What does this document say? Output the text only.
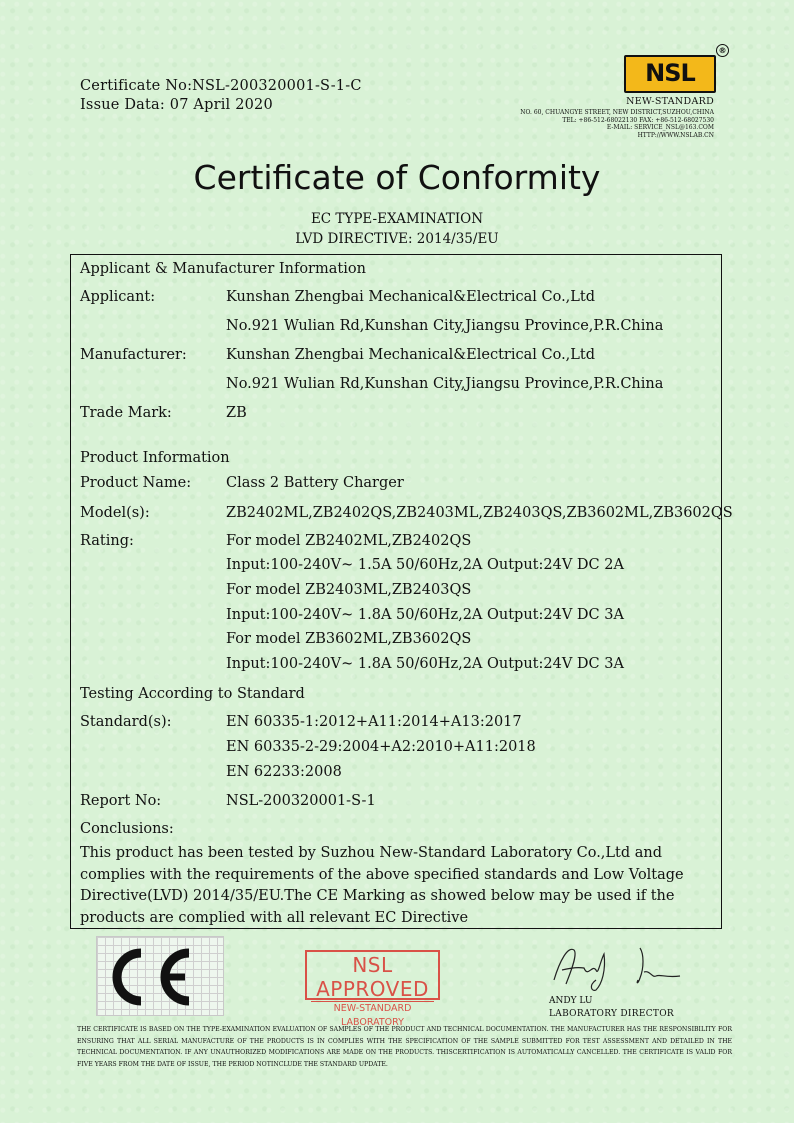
Certificate No:NSL-200320001-S-1-C
Issue Data: 07 April 2020
NSL
®
NEW-STANDARD
NO. 60, CHUANGYE STREET, NEW DISTRICT,SUZHOU,CHINA
TEL: +86-512-68022130 FAX: +86-512-68027530
E-MAIL: SERVICE_NSL@163.COM
HTTP://WWW.NSLAB.CN
Certificate of Conformity
EC TYPE-EXAMINATION
LVD DIRECTIVE: 2014/35/EU
Applicant & Manufacturer Information
Applicant:	Kunshan Zhengbai Mechanical&Electrical Co.,Ltd
No.921 Wulian Rd,Kunshan City,Jiangsu Province,P.R.China
Manufacturer:	Kunshan Zhengbai Mechanical&Electrical Co.,Ltd
No.921 Wulian Rd,Kunshan City,Jiangsu Province,P.R.China
Trade Mark:	ZB
Product Information
Product Name: Class 2 Battery Charger
Model(s):	ZB2402ML,ZB2402QS,ZB2403ML,ZB2403QS,ZB3602ML,ZB3602QS
Rating:	For model ZB2402ML,ZB2402QS
Input:100-240V~ 1.5A 50/60Hz,2A Output:24V DC 2A
For model ZB2403ML,ZB2403QS
Input:100-240V~ 1.8A 50/60Hz,2A Output:24V DC 3A
For model ZB3602ML,ZB3602QS
Input:100-240V~ 1.8A 50/60Hz,2A Output:24V DC 3A
Testing According to Standard
Standard(s):	EN 60335-1:2012+A11:2014+A13:2017
EN 60335-2-29:2004+A2:2010+A11:2018
EN 62233:2008
Report No:	NSL-200320001-S-1
Conclusions:
This product has been tested by Suzhou New-Standard Laboratory Co.,Ltd and complies with the requirements of the above specified standards and Low Voltage Directive(LVD) 2014/35/EU.The CE Marking as showed below may be used if the products are complied with all relevant EC Directive
NSL APPROVED
NEW-STANDARD LABORATORY
ANDY LU
LABORATORY DIRECTOR
THE CERTIFICATE IS BASED ON THE TYPE-EXAMINATION EVALUATION OF SAMPLES OF THE PRODUCT AND TECHNICAL DOCUMENTATION. THE MANUFACTURER HAS THE RESPONSIBILITY FOR ENSURING THAT ALL SERIAL MANUFACTURE OF THE PRODUCTS IS IN COMPLIES WITH THE SPECIFICATION OF THE SAMPLE SUBMITTED FOR TEST ASSESSMENT AND DETAILED IN THE TECHNICAL DOCUMENTATION. IF ANY UNAUTHORIZED MODIFICATIONS ARE MADE ON THE PRODUCTS. THISCERTIFICATION IS AUTOMATICALLY CANCELLED. THE CERTIFICATE IS VALID FOR FIVE YEARS FROM THE DATE OF ISSUE, THE PERIOD NOTINCLUDE THE STANDARD UPDATE.
